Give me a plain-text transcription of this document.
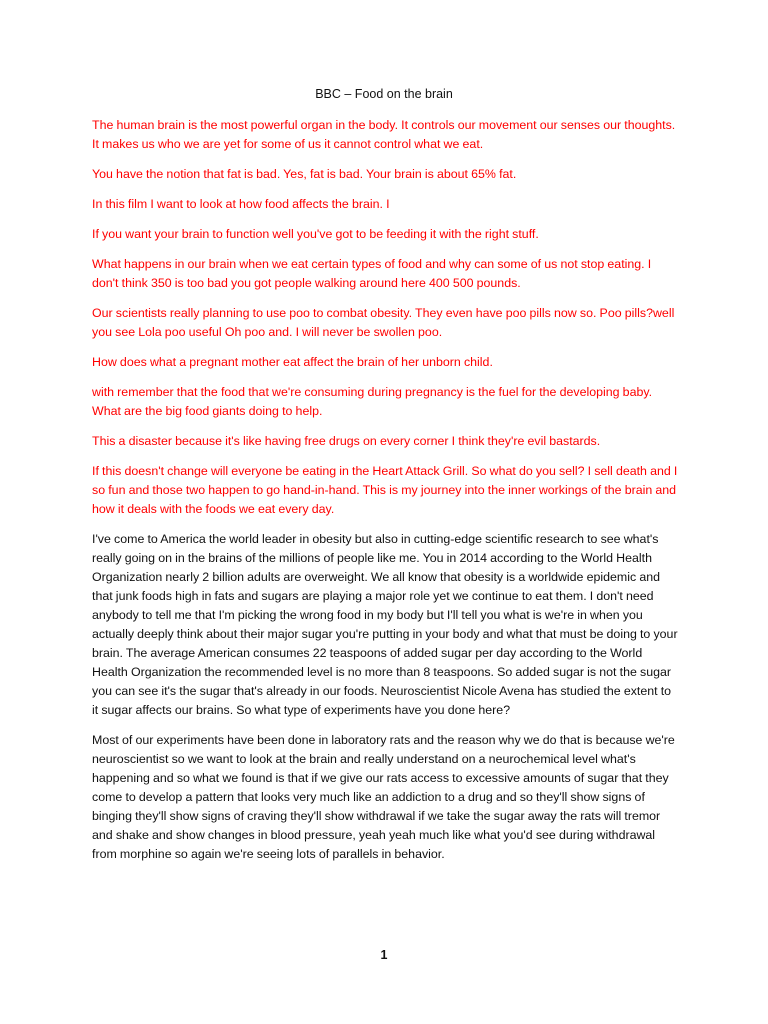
BBC – Food on the brain

The human brain is the most powerful organ in the body. It controls our movement our senses our thoughts. It makes us who we are yet for some of us it cannot control what we eat.

You have the notion that fat is bad. Yes, fat is bad. Your brain is about 65% fat.

In this film I want to look at how food affects the brain. I

If you want your brain to function well you've got to be feeding it with the right stuff.

What happens in our brain when we eat certain types of food and why can some of us not stop eating. I don't think 350 is too bad you got people walking around here 400 500 pounds.

Our scientists really planning to use poo to combat obesity. They even have poo pills now so. Poo pills?well you see Lola poo useful Oh poo and. I will never be swollen poo.

How does what a pregnant mother eat affect the brain of her unborn child.

with remember that the food that we're consuming during pregnancy is the fuel for the developing baby. What are the big food giants doing to help.

This a disaster because it's like having free drugs on every corner I think they're evil bastards.

If this doesn't change will everyone be eating in the Heart Attack Grill. So what do you sell? I sell death and I so fun and those two happen to go hand-in-hand. This is my journey into the inner workings of the brain and how it deals with the foods we eat every day.

I've come to America the world leader in obesity but also in cutting-edge scientific research to see what's really going on in the brains of the millions of people like me. You in 2014 according to the World Health Organization nearly 2 billion adults are overweight. We all know that obesity is a worldwide epidemic and that junk foods high in fats and sugars are playing a major role yet we continue to eat them. I don't need anybody to tell me that I'm picking the wrong food in my body but I'll tell you what is we're in when you actually deeply think about their major sugar you're putting in your body and what that must be doing to your brain. The average American consumes 22 teaspoons of added sugar per day according to the World Health Organization the recommended level is no more than 8 teaspoons. So added sugar is not the sugar you can see it's the sugar that's already in our foods. Neuroscientist Nicole Avena has studied the extent to it sugar affects our brains. So what type of experiments have you done here?

Most of our experiments have been done in laboratory rats and the reason why we do that is because we're neuroscientist so we want to look at the brain and really understand on a neurochemical level what's happening and so what we found is that if we give our rats access to excessive amounts of sugar that they come to develop a pattern that looks very much like an addiction to a drug and so they'll show signs of binging they'll show signs of craving they'll show withdrawal if we take the sugar away the rats will tremor and shake and show changes in blood pressure, yeah yeah much like what you'd see during withdrawal from morphine so again we're seeing lots of parallels in behavior.

1
